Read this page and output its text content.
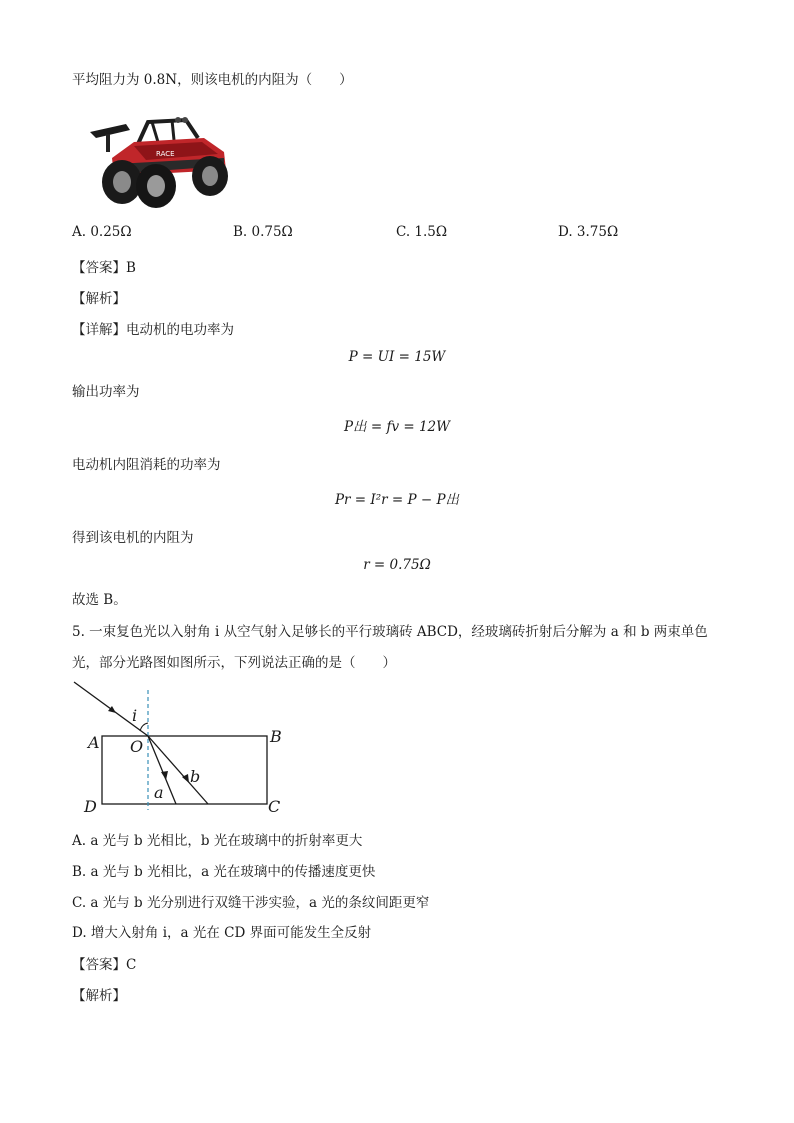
平均阻力为 0.8N，则该电机的内阻为（　　）
RACE
A. 0.25Ω	B. 0.75Ω	C. 1.5Ω	D. 3.75Ω
【答案】B
【解析】
【详解】电动机的电功率为
P = UI = 15W
输出功率为
P出 = fv = 12W
电动机内阻消耗的功率为
Pr = I²r = P − P出
得到该电机的内阻为
r = 0.75Ω
故选 B。
5. 一束复色光以入射角 i 从空气射入足够长的平行玻璃砖 ABCD，经玻璃砖折射后分解为 a 和 b 两束单色
光，部分光路图如图所示，下列说法正确的是（　　）
i
A	B
C
D
O
a
b
A. a 光与 b 光相比，b 光在玻璃中的折射率更大
B. a 光与 b 光相比，a 光在玻璃中的传播速度更快
C. a 光与 b 光分别进行双缝干涉实验，a 光的条纹间距更窄
D. 增大入射角 i，a 光在 CD 界面可能发生全反射
【答案】C
【解析】
